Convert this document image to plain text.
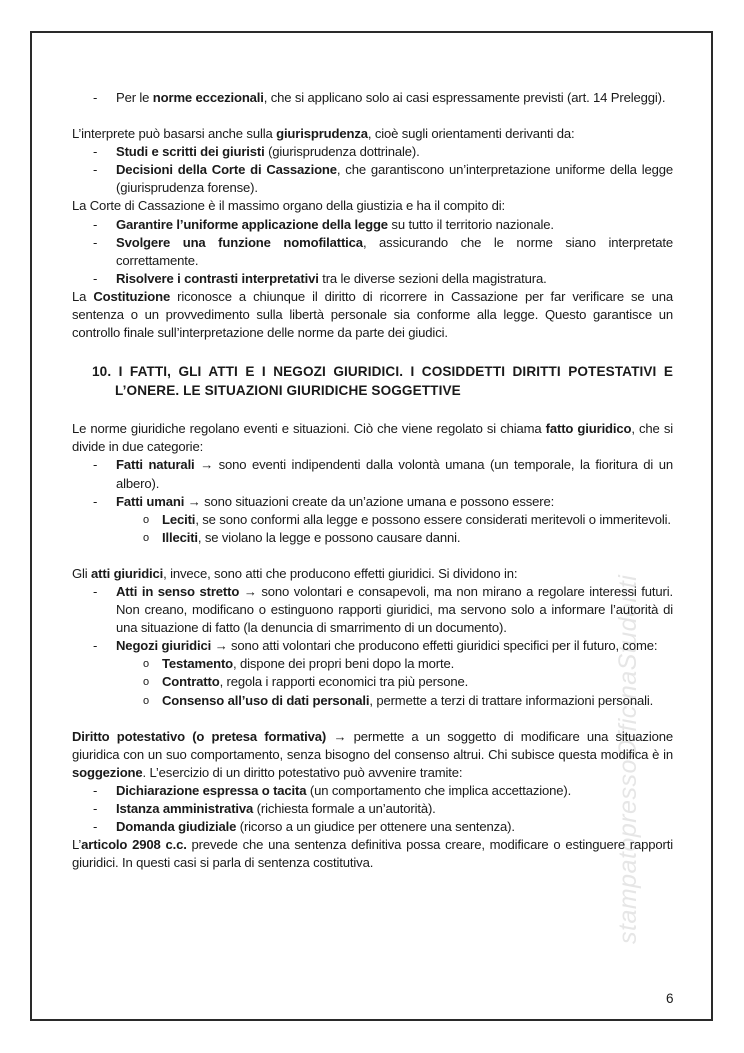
stampatopressoOfficinaStudenti
- Per le norme eccezionali, che si applicano solo ai casi espressamente previsti (art. 14 Preleggi).

L’interprete può basarsi anche sulla giurisprudenza, cioè sugli orientamenti derivanti da:

- Studi e scritti dei giuristi (giurisprudenza dottrinale).
- Decisioni della Corte di Cassazione, che garantiscono un’interpretazione uniforme della legge (giurisprudenza forense).

La Corte di Cassazione è il massimo organo della giustizia e ha il compito di:

- Garantire l’uniforme applicazione della legge su tutto il territorio nazionale.
- Svolgere una funzione nomofilattica, assicurando che le norme siano interpretate correttamente.
- Risolvere i contrasti interpretativi tra le diverse sezioni della magistratura.

La Costituzione riconosce a chiunque il diritto di ricorrere in Cassazione per far verificare se una sentenza o un provvedimento sulla libertà personale sia conforme alla legge. Questo garantisce un controllo finale sull’interpretazione delle norme da parte dei giudici.

10. I FATTI, GLI ATTI E I NEGOZI GIURIDICI. I COSIDDETTI DIRITTI POTESTATIVI E L’ONERE. LE SITUAZIONI GIURIDICHE SOGGETTIVE

Le norme giuridiche regolano eventi e situazioni. Ciò che viene regolato si chiama fatto giuridico, che si divide in due categorie:

- Fatti naturali → sono eventi indipendenti dalla volontà umana (un temporale, la fioritura di un albero).
- Fatti umani → sono situazioni create da un’azione umana e possono essere:
o Leciti, se sono conformi alla legge e possono essere considerati meritevoli o immeritevoli.
o Illeciti, se violano la legge e possono causare danni.

Gli atti giuridici, invece, sono atti che producono effetti giuridici. Si dividono in:

- Atti in senso stretto → sono volontari e consapevoli, ma non mirano a regolare interessi futuri. Non creano, modificano o estinguono rapporti giuridici, ma servono solo a informare l’autorità di una situazione di fatto (la denuncia di smarrimento di un documento).
- Negozi giuridici → sono atti volontari che producono effetti giuridici specifici per il futuro, come:
o Testamento, dispone dei propri beni dopo la morte.
o Contratto, regola i rapporti economici tra più persone.
o Consenso all’uso di dati personali, permette a terzi di trattare informazioni personali.

Diritto potestativo (o pretesa formativa) → permette a un soggetto di modificare una situazione giuridica con un suo comportamento, senza bisogno del consenso altrui. Chi subisce questa modifica è in soggezione. L’esercizio di un diritto potestativo può avvenire tramite:

- Dichiarazione espressa o tacita (un comportamento che implica accettazione).
- Istanza amministrativa (richiesta formale a un’autorità).
- Domanda giudiziale (ricorso a un giudice per ottenere una sentenza).

L’articolo 2908 c.c. prevede che una sentenza definitiva possa creare, modificare o estinguere rapporti giuridici. In questi casi si parla di sentenza costitutiva.

6
